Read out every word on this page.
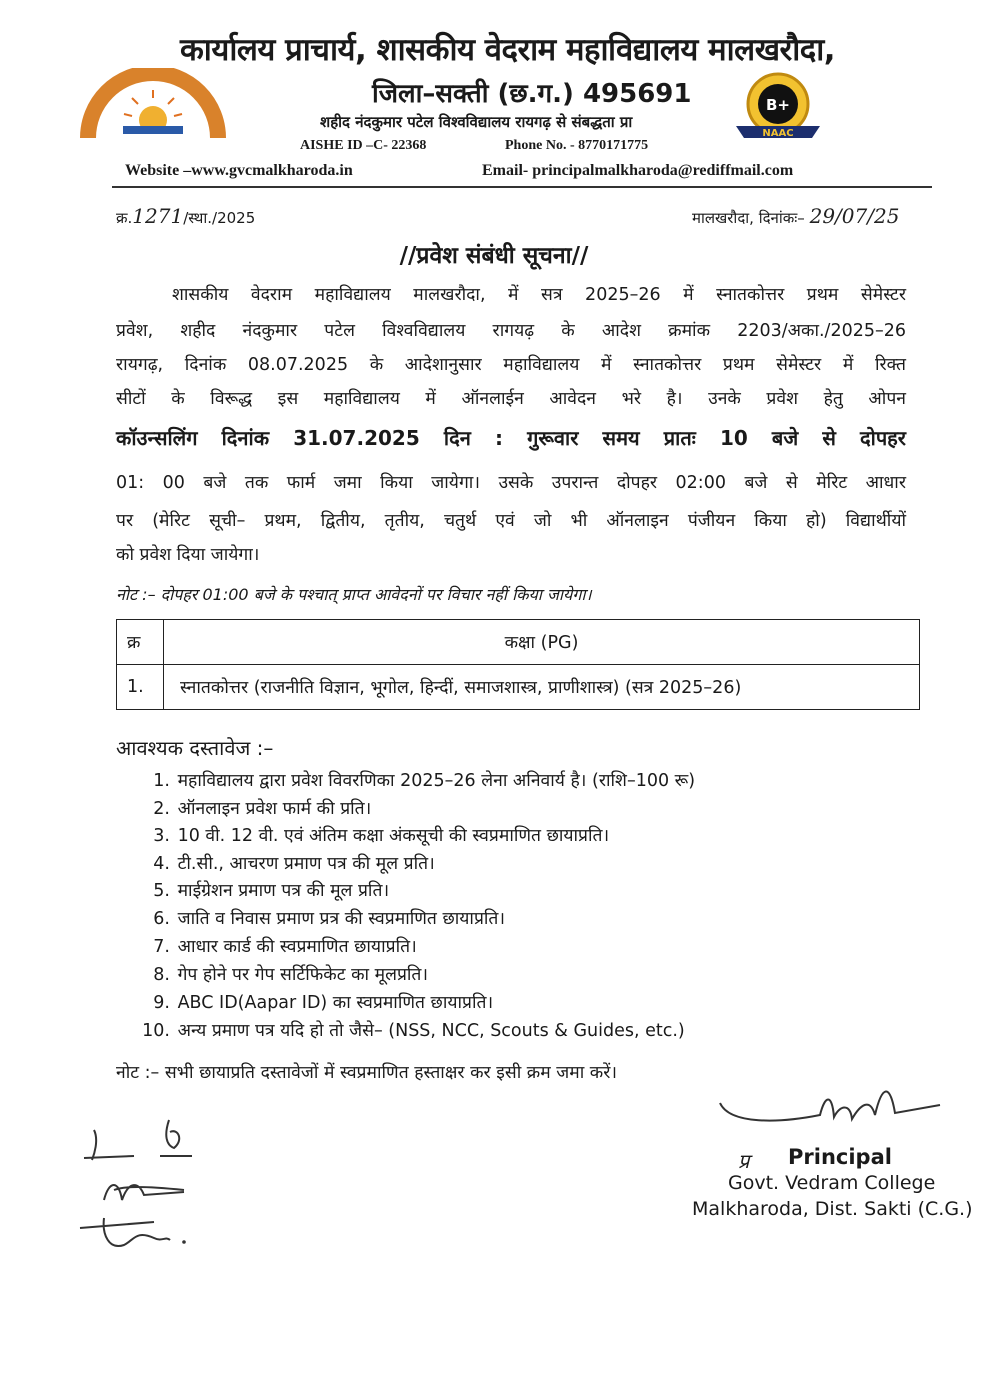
B+
NAAC
कार्यालय प्राचार्य, शासकीय वेदराम महाविद्यालय मालखरौदा,
जिला–सक्ती (छ.ग.) 495691
शहीद नंदकुमार पटेल विश्वविद्यालय रायगढ़ से संबद्धता प्रा
AISHE ID –C- 22368	Phone No. - 8770171775
Website –www.gvcmalkharoda.in	Email- principalmalkharoda@rediffmail.com
क्र.1271/स्था./2025	मालखरौदा, दिनांकः– 29/07/25
//प्रवेश संबंधी सूचना//
शासकीय वेदराम महाविद्यालय मालखरौदा, में सत्र 2025–26 में स्नातकोत्तर प्रथम सेमेस्टर
प्रवेश, शहीद नंदकुमार पटेल विश्वविद्यालय रागयढ़ के आदेश क्रमांक 2203/अका./2025–26
रायगढ़, दिनांक 08.07.2025 के आदेशानुसार महाविद्यालय में स्नातकोत्तर प्रथम सेमेस्टर में रिक्त
सीटों के विरूद्ध इस महाविद्यालय में ऑनलाईन आवेदन भरे है। उनके प्रवेश हेतु ओपन
कॉउन्सलिंग दिनांक 31.07.2025 दिन : गुरूवार समय प्रातः 10 बजे से दोपहर
01: 00 बजे तक फार्म जमा किया जायेगा। उसके उपरान्त दोपहर 02:00 बजे से मेरिट आधार
पर (मेरिट सूची– प्रथम, द्वितीय, तृतीय, चतुर्थ एवं जो भी ऑनलाइन पंजीयन किया हो) विद्यार्थीयों
को प्रवेश दिया जायेगा।
नोट :– दोपहर 01:00 बजे के पश्चात् प्राप्त आवेदनों पर विचार नहीं किया जायेगा।
क्र	कक्षा (PG)
1.	स्नातकोत्तर (राजनीति विज्ञान, भूगोल, हिन्दीं, समाजशास्त्र, प्राणीशास्त्र) (सत्र 2025–26)
आवश्यक दस्तावेज :–
1. महाविद्यालय द्वारा प्रवेश विवरणिका 2025–26 लेना अनिवार्य है। (राशि–100 रू)
2. ऑनलाइन प्रवेश फार्म की प्रति।
3. 10 वी. 12 वी. एवं अंतिम कक्षा अंकसूची की स्वप्रमाणित छायाप्रति।
4. टी.सी., आचरण प्रमाण पत्र की मूल प्रति।
5. माईग्रेशन प्रमाण पत्र की मूल प्रति।
6. जाति व निवास प्रमाण प्रत्र की स्वप्रमाणित छायाप्रति।
7. आधार कार्ड की स्वप्रमाणित छायाप्रति।
8. गेप होने पर गेप सर्टिफिकेट का मूलप्रति।
9. ABC ID(Aapar ID) का स्वप्रमाणित छायाप्रति।
10. अन्य प्रमाण पत्र यदि हो तो जैसे– (NSS, NCC, Scouts & Guides, etc.)
नोट :– सभी छायाप्रति दस्तावेजों में स्वप्रमाणित हस्ताक्षर कर इसी क्रम जमा करें।
प्र Principal
Govt. Vedram College
Malkharoda, Dist. Sakti (C.G.)
